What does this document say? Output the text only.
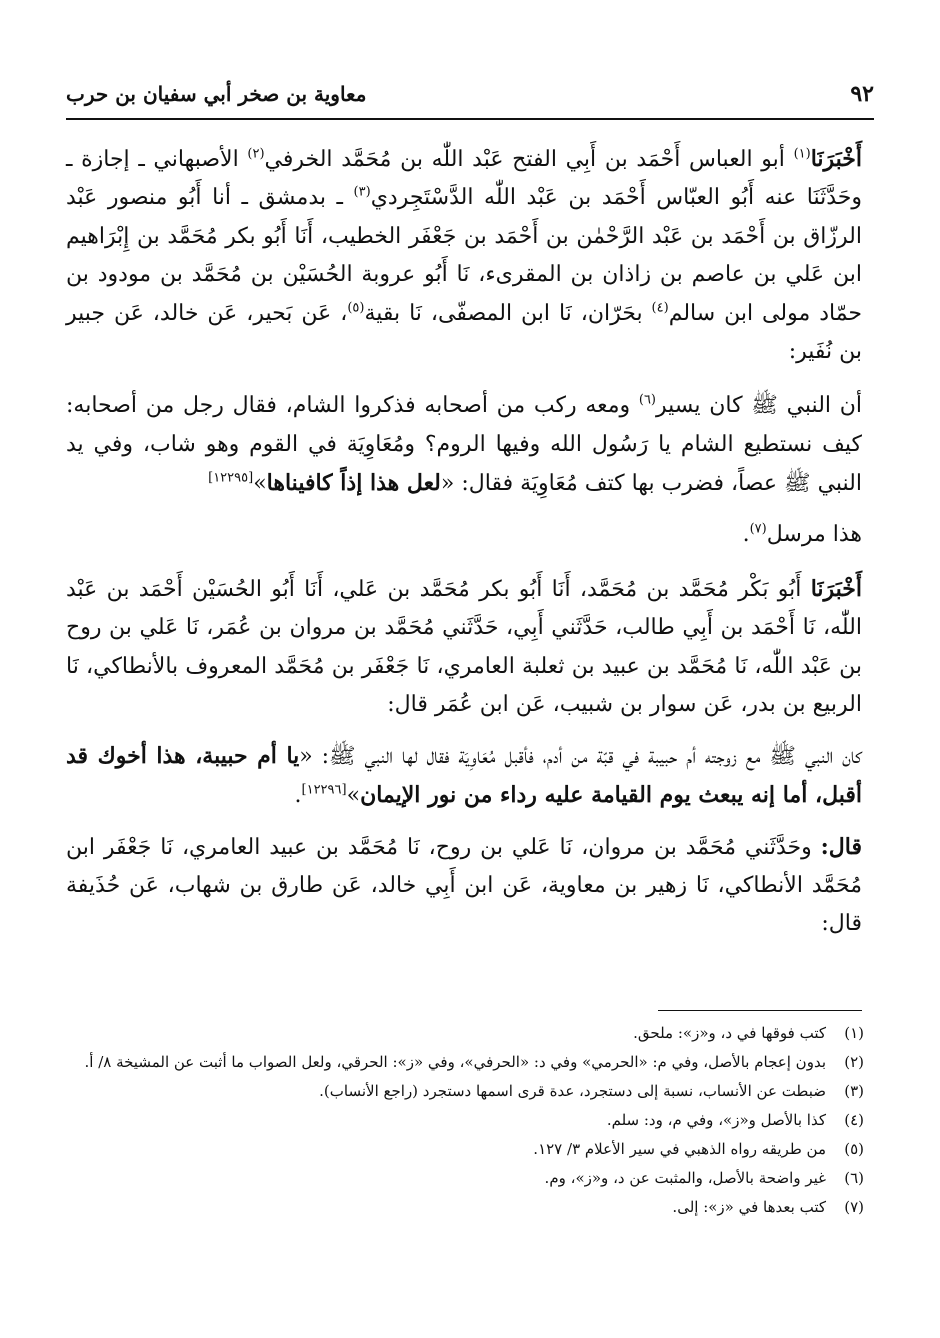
٩٢
معاوية بن صخر أبي سفيان بن حرب

أَخْبَرَنَا$^{(١)}$ أبو العباس أَحْمَد بن أَبِي الفتح عَبْد اللّٰه بن مُحَمَّد الخرفي$^{(٢)}$ الأصبهاني ـ إجازة ـ وحَدَّثَنَا عنه أَبُو العبّاس أَحْمَد بن عَبْد اللّٰه الدَّسْتَجِردي$^{(٣)}$ ـ بدمشق ـ أنا أَبُو منصور عَبْد الرزّاق بن أَحْمَد بن عَبْد الرَّحْمٰن بن أَحْمَد بن جَعْفَر الخطيب، أَنَا أَبُو بكر مُحَمَّد بن إِبْرَاهيم ابن عَلي بن عاصم بن زاذان بن المقرىء، نَا أَبُو عروبة الحُسَيْن بن مُحَمَّد بن مودود بن حمّاد مولى ابن سالم$^{(٤)}$ بحَرّان، نَا ابن المصفّى، نَا بقية$^{(٥)}$، عَن بَحير، عَن خالد، عَن جبير بن نُفَير:

أن النبي ﷺ كان يسير$^{(٦)}$ ومعه ركب من أصحابه فذكروا الشام، فقال رجل من أصحابه: كيف نستطيع الشام يا رَسُول الله وفيها الروم؟ ومُعَاوِيَة في القوم وهو شاب، وفي يد النبي ﷺ عصاً، فضرب بها كتف مُعَاوِيَة فقال: «لعل هذا إذاً كافيناها»[١٢٢٩٥]

هذا مرسل$^{(٧)}$.

أَخْبَرَنَا أَبُو بَكْر مُحَمَّد بن مُحَمَّد، أَنَا أَبُو بكر مُحَمَّد بن عَلي، أَنَا أَبُو الحُسَيْن أَحْمَد بن عَبْد اللّٰه، نَا أَحْمَد بن أَبِي طالب، حَدَّثَني أَبِي، حَدَّثَني مُحَمَّد بن مروان بن عُمَر، نَا عَلي بن روح بن عَبْد اللّٰه، نَا مُحَمَّد بن عبيد بن ثعلبة العامري، نَا جَعْفَر بن مُحَمَّد المعروف بالأنطاكي، نَا الربيع بن بدر، عَن سوار بن شبيب، عَن ابن عُمَر قال:

كان النبي ﷺ مع زوجته أم حبيبة في قبّة من أدم، فأقبل مُعَاوِيَة فقال لها النبي ﷺ: «يا أم حبيبة، هذا أخوك قد أقبل، أما إنه يبعث يوم القيامة عليه رداء من نور الإيمان»[١٢٢٩٦].

قال: وحَدَّثَني مُحَمَّد بن مروان، نَا عَلي بن روح، نَا مُحَمَّد بن عبيد العامري، نَا جَعْفَر ابن مُحَمَّد الأنطاكي، نَا زهير بن معاوية، عَن ابن أَبِي خالد، عَن طارق بن شهاب، عَن حُذَيفة قال:

(١)
كتب فوقها في د، و«ز»: ملحق.
(٢)
بدون إعجام بالأصل، وفي م: «الحرمي» وفي د: «الحرفي»، وفي «ز»: الحرقي، ولعل الصواب ما أثبت عن المشيخة ٨/ أ.
(٣)
ضبطت عن الأنساب، نسبة إلى دستجرد، عدة قرى اسمها دستجرد (راجع الأنساب).
(٤)
كذا بالأصل و«ز»، وفي م، ود: سلم.
(٥)
من طريقه رواه الذهبي في سير الأعلام ٣/ ١٢٧.
(٦)
غير واضحة بالأصل، والمثبت عن د، و«ز»، وم.
(٧)
كتب بعدها في «ز»: إلى.
